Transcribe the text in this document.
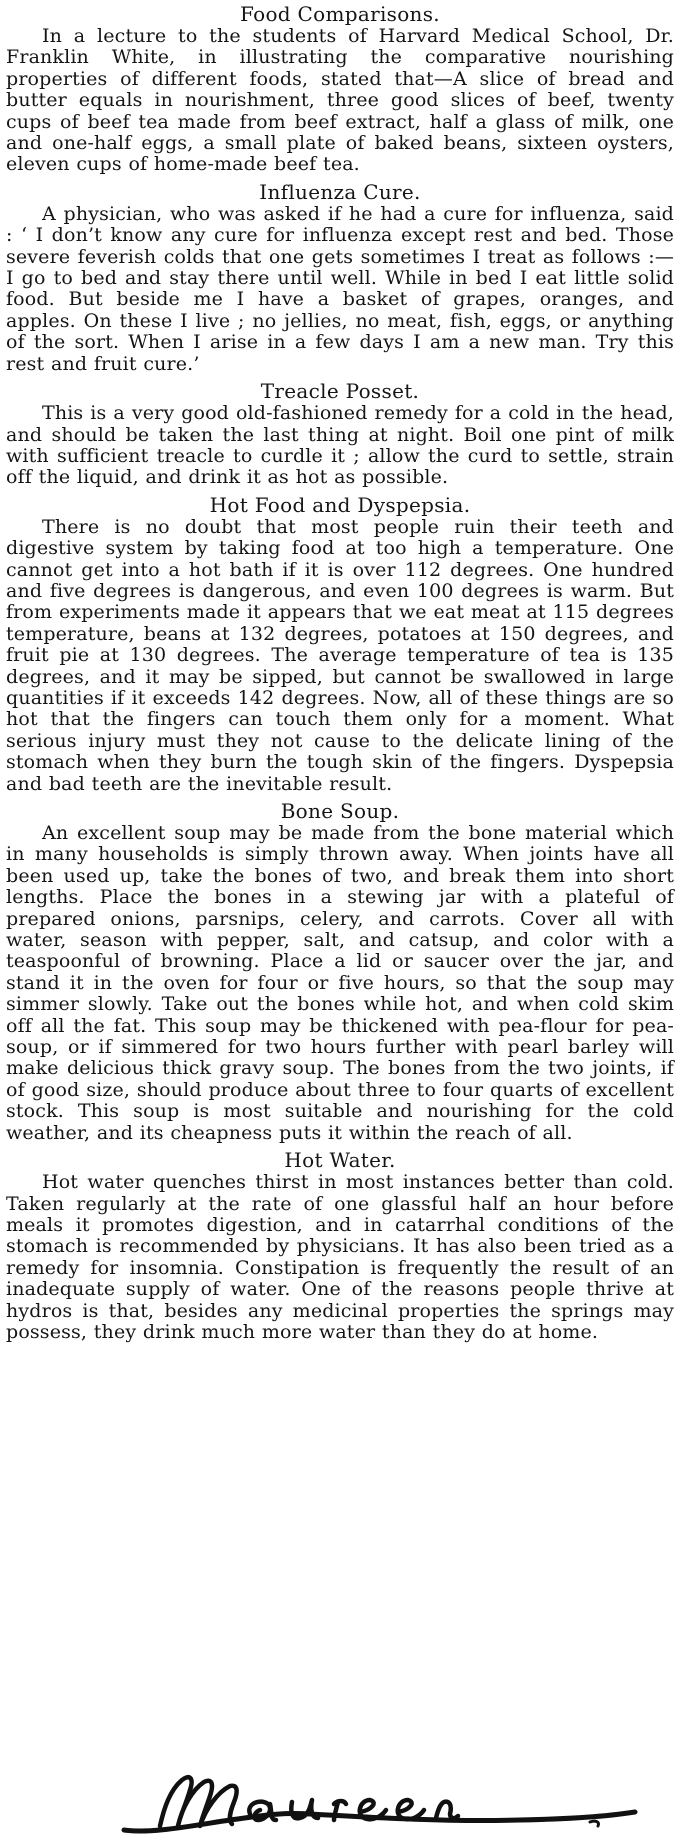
Food Comparisons.

In a lecture to the students of Harvard Medical School, Dr. Franklin White, in illustrating the comparative nourishing properties of different foods, stated that—A slice of bread and butter equals in nourishment, three good slices of beef, twenty cups of beef tea made from beef extract, half a glass of milk, one and one-half eggs, a small plate of baked beans, sixteen oysters, eleven cups of home-made beef tea.

Influenza Cure.

A physician, who was asked if he had a cure for influenza, said : ‘ I don’t know any cure for influenza except rest and bed. Those severe feverish colds that one gets sometimes I treat as follows :— I go to bed and stay there until well. While in bed I eat little solid food. But beside me I have a basket of grapes, oranges, and apples. On these I live ; no jellies, no meat, fish, eggs, or anything of the sort. When I arise in a few days I am a new man. Try this rest and fruit cure.’

Treacle Posset.

This is a very good old-fashioned remedy for a cold in the head, and should be taken the last thing at night. Boil one pint of milk with sufficient treacle to curdle it ; allow the curd to settle, strain off the liquid, and drink it as hot as possible.

Hot Food and Dyspepsia.

There is no doubt that most people ruin their teeth and digestive system by taking food at too high a temperature. One cannot get into a hot bath if it is over 112 degrees. One hundred and five degrees is dangerous, and even 100 degrees is warm. But from experiments made it appears that we eat meat at 115 degrees temperature, beans at 132 degrees, potatoes at 150 degrees, and fruit pie at 130 degrees. The average temperature of tea is 135 degrees, and it may be sipped, but cannot be swallowed in large quantities if it exceeds 142 degrees. Now, all of these things are so hot that the fingers can touch them only for a moment. What serious injury must they not cause to the delicate lining of the stomach when they burn the tough skin of the fingers. Dyspepsia and bad teeth are the inevitable result.

Bone Soup.

An excellent soup may be made from the bone material which in many households is simply thrown away. When joints have all been used up, take the bones of two, and break them into short lengths. Place the bones in a stewing jar with a plateful of prepared onions, parsnips, celery, and carrots. Cover all with water, season with pepper, salt, and catsup, and color with a teaspoonful of browning. Place a lid or saucer over the jar, and stand it in the oven for four or five hours, so that the soup may simmer slowly. Take out the bones while hot, and when cold skim off all the fat. This soup may be thickened with pea-flour for pea-soup, or if simmered for two hours further with pearl barley will make delicious thick gravy soup. The bones from the two joints, if of good size, should produce about three to four quarts of excellent stock. This soup is most suitable and nourishing for the cold weather, and its cheapness puts it within the reach of all.

Hot Water.

Hot water quenches thirst in most instances better than cold. Taken regularly at the rate of one glassful half an hour before meals it promotes digestion, and in catarrhal conditions of the stomach is recommended by physicians. It has also been tried as a remedy for insomnia. Constipation is frequently the result of an inadequate supply of water. One of the reasons people thrive at hydros is that, besides any medicinal properties the springs may possess, they drink much more water than they do at home.
